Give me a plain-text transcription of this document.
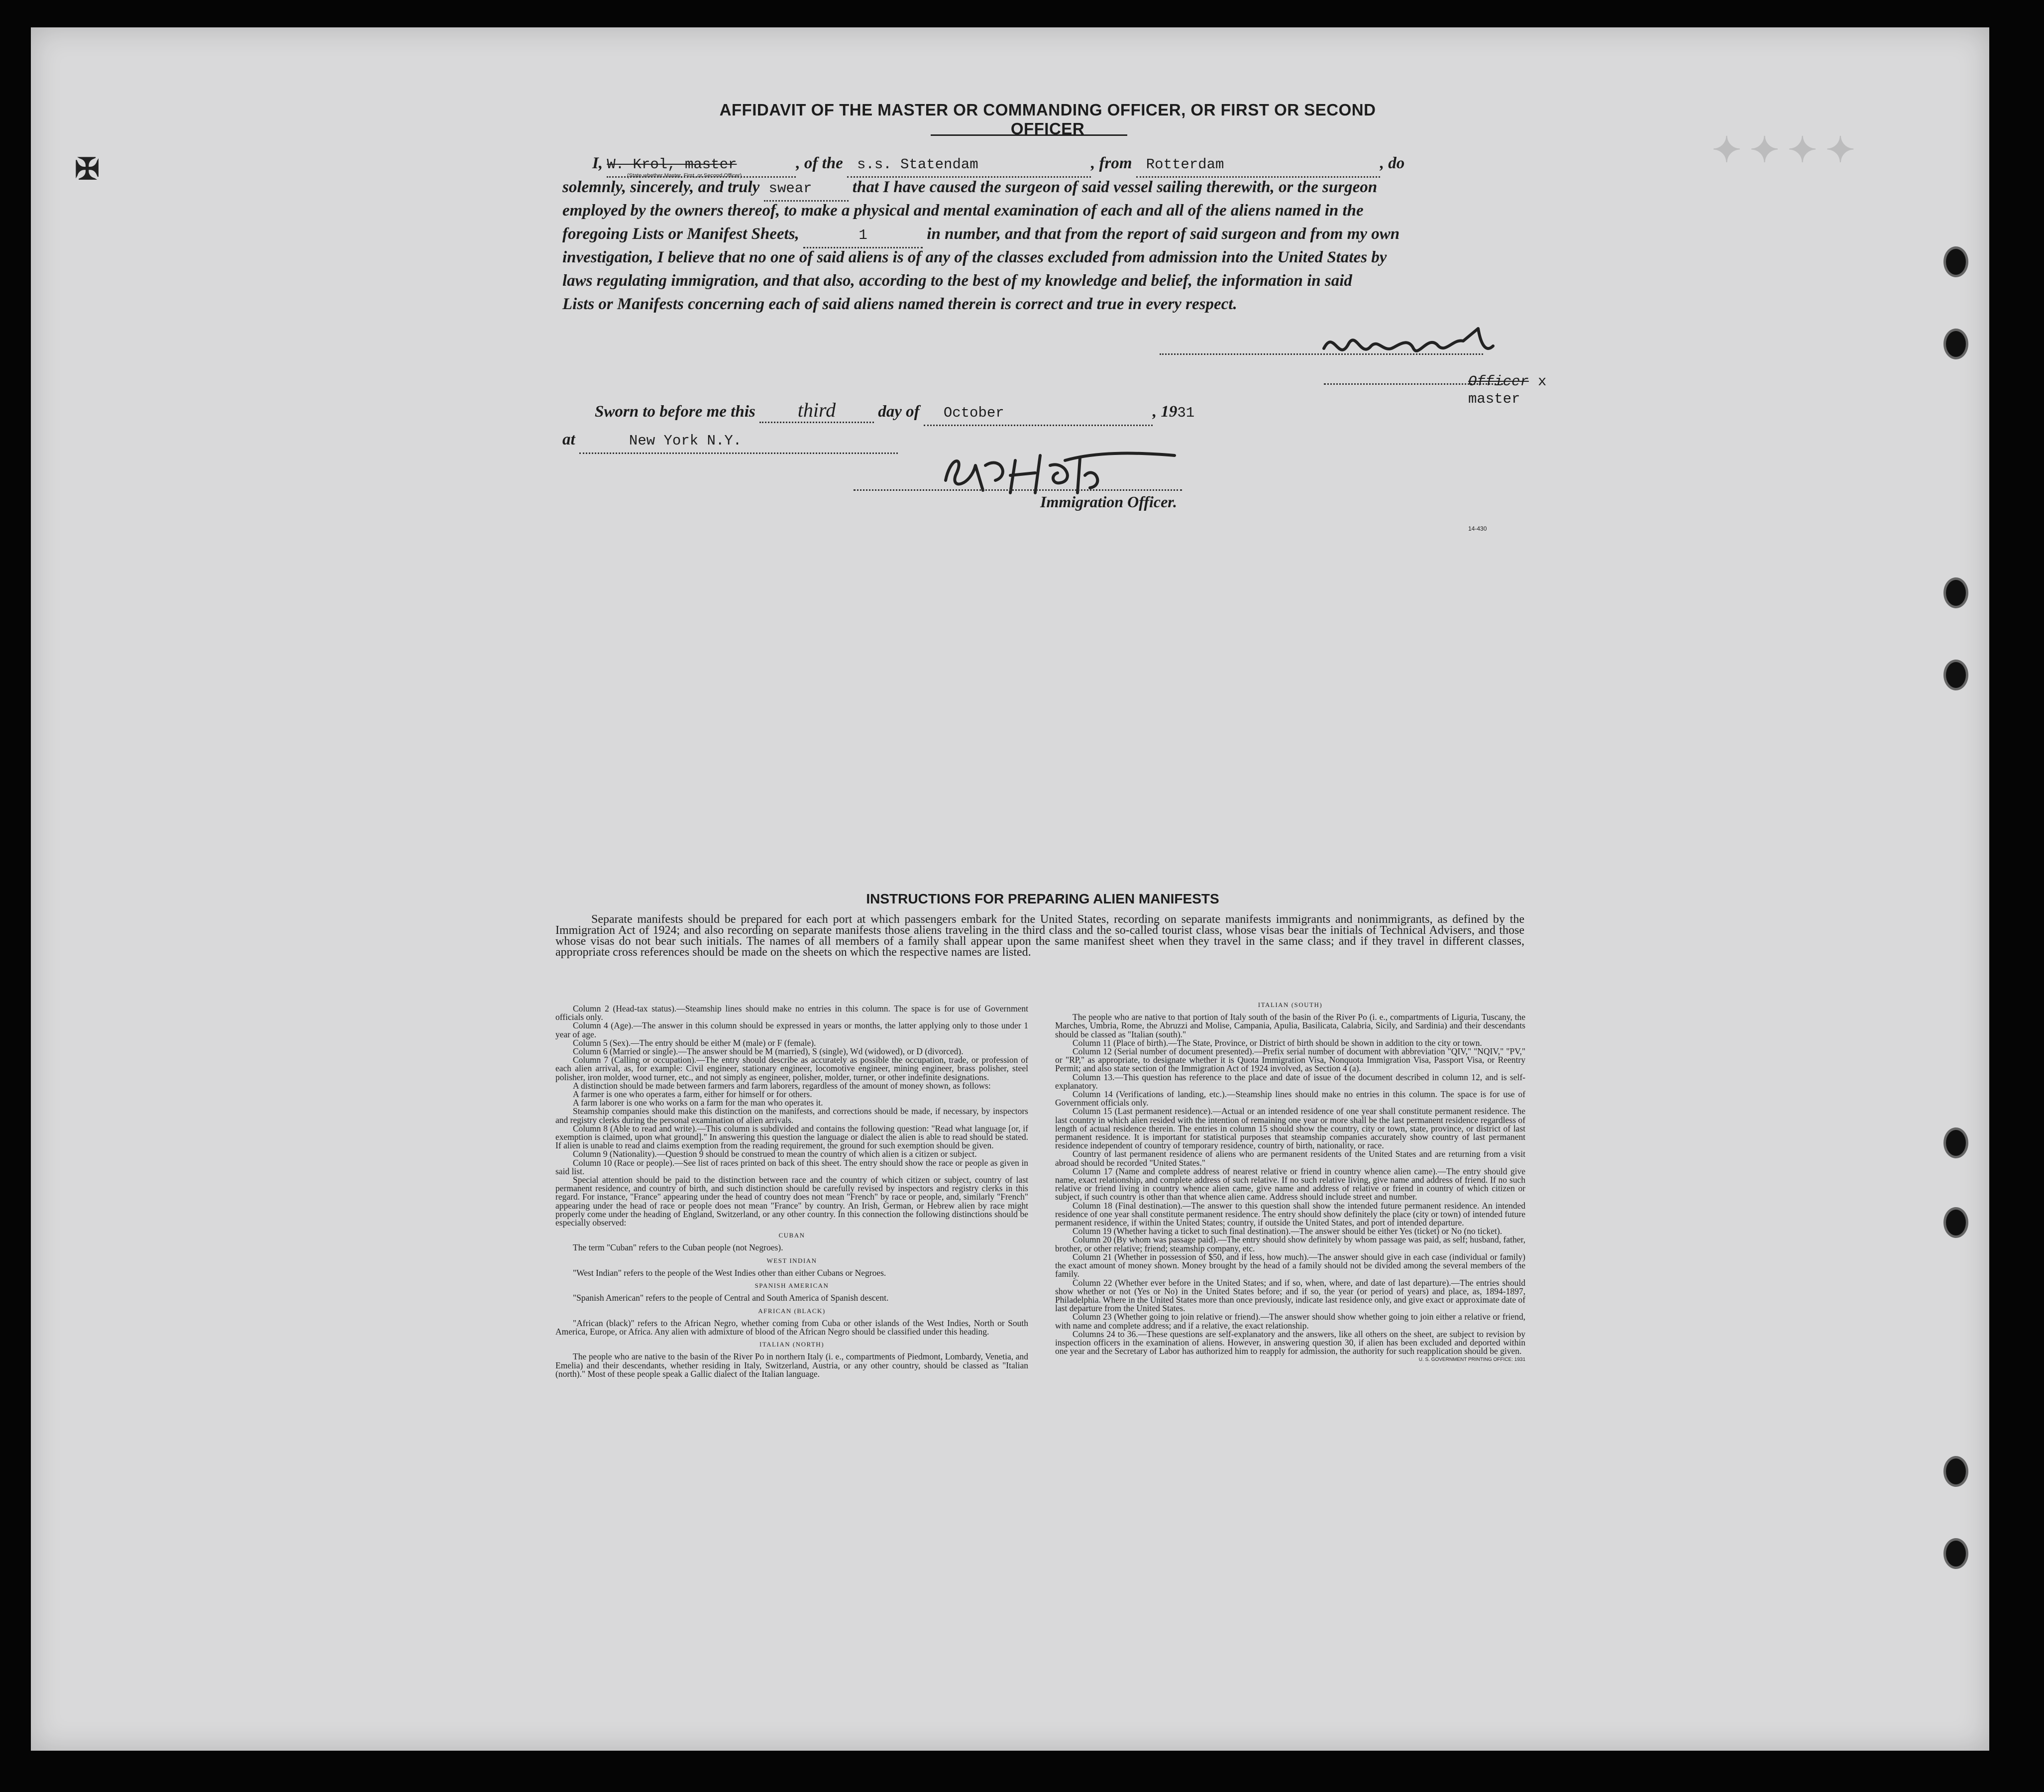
✦ ✦ ✦ ✦
✠
AFFIDAVIT OF THE MASTER OR COMMANDING OFFICER, OR FIRST OR SECOND OFFICER
I, W. Krol, master	, of the s.s. Statendam	, from Rotterdam	, do
(State whether Master, First, or Second Officer)
solemnly, sincerely, and truly swear that I have caused the surgeon of said vessel sailing therewith, or the surgeon
employed by the owners thereof, to make a physical and mental examination of each and all of the aliens named in the
foregoing Lists or Manifest Sheets,	1	in number, and that from the report of said surgeon and from my own
investigation, I believe that no one of said aliens is of any of the classes excluded from admission into the United States by
laws regulating immigration, and that also, according to the best of my knowledge and belief, the information in said
Lists or Manifests concerning each of said aliens named therein is correct and true in every respect.
Officer x
master
Sworn to before me this third	day of October	, 1931
at	New York N.Y.
Immigration Officer.
14-430
INSTRUCTIONS FOR PREPARING ALIEN MANIFESTS
Separate manifests should be prepared for each port at which passengers embark for the United States, recording on separate manifests immigrants and nonimmigrants, as defined by the Immigration Act of 1924; and also recording on separate manifests those aliens traveling in the third class and the so-called tourist class, whose visas bear the initials of Technical Advisers, and those whose visas do not bear such initials. The names of all members of a family shall appear upon the same manifest sheet when they travel in the same class; and if they travel in different classes, appropriate cross references should be made on the sheets on which the respective names are listed.

Column 2 (Head-tax status).—Steamship lines should make no entries in this column. The space is for use of Government officials only.

Column 4 (Age).—The answer in this column should be expressed in years or months, the latter applying only to those under 1 year of age.

Column 5 (Sex).—The entry should be either M (male) or F (female).

Column 6 (Married or single).—The answer should be M (married), S (single), Wd (widowed), or D (divorced).

Column 7 (Calling or occupation).—The entry should describe as accurately as possible the occupation, trade, or profession of each alien arrival, as, for example: Civil engineer, stationary engineer, locomotive engineer, mining engineer, brass polisher, steel polisher, iron molder, wood turner, etc., and not simply as engineer, polisher, molder, turner, or other indefinite designations.

A distinction should be made between farmers and farm laborers, regardless of the amount of money shown, as follows:

A farmer is one who operates a farm, either for himself or for others.

A farm laborer is one who works on a farm for the man who operates it.

Steamship companies should make this distinction on the manifests, and corrections should be made, if necessary, by inspectors and registry clerks during the personal examination of alien arrivals.

Column 8 (Able to read and write).—This column is subdivided and contains the following question: "Read what language [or, if exemption is claimed, upon what ground]." In answering this question the language or dialect the alien is able to read should be stated. If alien is unable to read and claims exemption from the reading requirement, the ground for such exemption should be given.

Column 9 (Nationality).—Question 9 should be construed to mean the country of which alien is a citizen or subject.

Column 10 (Race or people).—See list of races printed on back of this sheet. The entry should show the race or people as given in said list.

Special attention should be paid to the distinction between race and the country of which citizen or subject, country of last permanent residence, and country of birth, and such distinction should be carefully revised by inspectors and registry clerks in this regard. For instance, "France" appearing under the head of country does not mean "French" by race or people, and, similarly "French" appearing under the head of race or people does not mean "France" by country. An Irish, German, or Hebrew alien by race might properly come under the heading of England, Switzerland, or any other country. In this connection the following distinctions should be especially observed:

CUBAN

The term "Cuban" refers to the Cuban people (not Negroes).

WEST INDIAN

"West Indian" refers to the people of the West Indies other than either Cubans or Negroes.

SPANISH AMERICAN

"Spanish American" refers to the people of Central and South America of Spanish descent.

AFRICAN (BLACK)

"African (black)" refers to the African Negro, whether coming from Cuba or other islands of the West Indies, North or South America, Europe, or Africa. Any alien with admixture of blood of the African Negro should be classified under this heading.

ITALIAN (NORTH)

The people who are native to the basin of the River Po in northern Italy (i. e., compartments of Piedmont, Lombardy, Venetia, and Emelia) and their descendants, whether residing in Italy, Switzerland, Austria, or any other country, should be classed as "Italian (north)." Most of these people speak a Gallic dialect of the Italian language.

ITALIAN (SOUTH)

The people who are native to that portion of Italy south of the basin of the River Po (i. e., compartments of Liguria, Tuscany, the Marches, Umbria, Rome, the Abruzzi and Molise, Campania, Apulia, Basilicata, Calabria, Sicily, and Sardinia) and their descendants should be classed as "Italian (south)."

Column 11 (Place of birth).—The State, Province, or District of birth should be shown in addition to the city or town.

Column 12 (Serial number of document presented).—Prefix serial number of document with abbreviation "QIV," "NQIV," "PV," or "RP," as appropriate, to designate whether it is Quota Immigration Visa, Nonquota Immigration Visa, Passport Visa, or Reentry Permit; and also state section of the Immigration Act of 1924 involved, as Section 4 (a).

Column 13.—This question has reference to the place and date of issue of the document described in column 12, and is self-explanatory.

Column 14 (Verifications of landing, etc.).—Steamship lines should make no entries in this column. The space is for use of Government officials only.

Column 15 (Last permanent residence).—Actual or an intended residence of one year shall constitute permanent residence. The last country in which alien resided with the intention of remaining one year or more shall be the last permanent residence regardless of length of actual residence therein. The entries in column 15 should show the country, city or town, state, province, or district of last permanent residence. It is important for statistical purposes that steamship companies accurately show country of last permanent residence independent of country of temporary residence, country of birth, nationality, or race.

Country of last permanent residence of aliens who are permanent residents of the United States and are returning from a visit abroad should be recorded "United States."

Column 17 (Name and complete address of nearest relative or friend in country whence alien came).—The entry should give name, exact relationship, and complete address of such relative. If no such relative living, give name and address of friend. If no such relative or friend living in country whence alien came, give name and address of relative or friend in country of which citizen or subject, if such country is other than that whence alien came. Address should include street and number.

Column 18 (Final destination).—The answer to this question shall show the intended future permanent residence. An intended residence of one year shall constitute permanent residence. The entry should show definitely the place (city or town) of intended future permanent residence, if within the United States; country, if outside the United States, and port of intended departure.

Column 19 (Whether having a ticket to such final destination).—The answer should be either Yes (ticket) or No (no ticket).

Column 20 (By whom was passage paid).—The entry should show definitely by whom passage was paid, as self; husband, father, brother, or other relative; friend; steamship company, etc.

Column 21 (Whether in possession of $50, and if less, how much).—The answer should give in each case (individual or family) the exact amount of money shown. Money brought by the head of a family should not be divided among the several members of the family.

Column 22 (Whether ever before in the United States; and if so, when, where, and date of last departure).—The entries should show whether or not (Yes or No) in the United States before; and if so, the year (or period of years) and place, as, 1894-1897, Philadelphia. Where in the United States more than once previously, indicate last residence only, and give exact or approximate date of last departure from the United States.

Column 23 (Whether going to join relative or friend).—The answer should show whether going to join either a relative or friend, with name and complete address; and if a relative, the exact relationship.

Columns 24 to 36.—These questions are self-explanatory and the answers, like all others on the sheet, are subject to revision by inspection officers in the examination of aliens. However, in answering question 30, if alien has been excluded and deported within one year and the Secretary of Labor has authorized him to reapply for admission, the authority for such reapplication should be given.

U. S. GOVERNMENT PRINTING OFFICE: 1931
